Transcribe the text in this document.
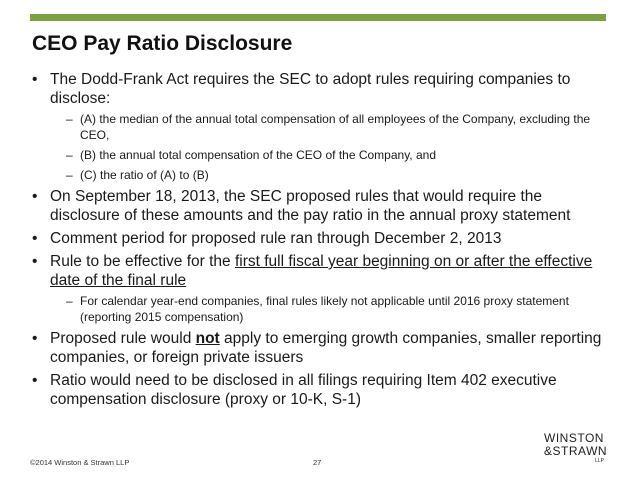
CEO Pay Ratio Disclosure
• The Dodd-Frank Act requires the SEC to adopt rules requiring companies to disclose:
– (A) the median of the annual total compensation of all employees of the Company, excluding the CEO,
– (B) the annual total compensation of the CEO of the Company, and
– (C) the ratio of (A) to (B)
• On September 18, 2013, the SEC proposed rules that would require the disclosure of these amounts and the pay ratio in the annual proxy statement
• Comment period for proposed rule ran through December 2, 2013
• Rule to be effective for the first full fiscal year beginning on or after the effective date of the final rule
– For calendar year-end companies, final rules likely not applicable until 2016 proxy statement (reporting 2015 compensation)
• Proposed rule would not apply to emerging growth companies, smaller reporting companies, or foreign private issuers
• Ratio would need to be disclosed in all filings requiring Item 402 executive compensation disclosure (proxy or 10-K, S-1)
©2014 Winston & Strawn LLP	27
WINSTON
&STRAWN
LLP
